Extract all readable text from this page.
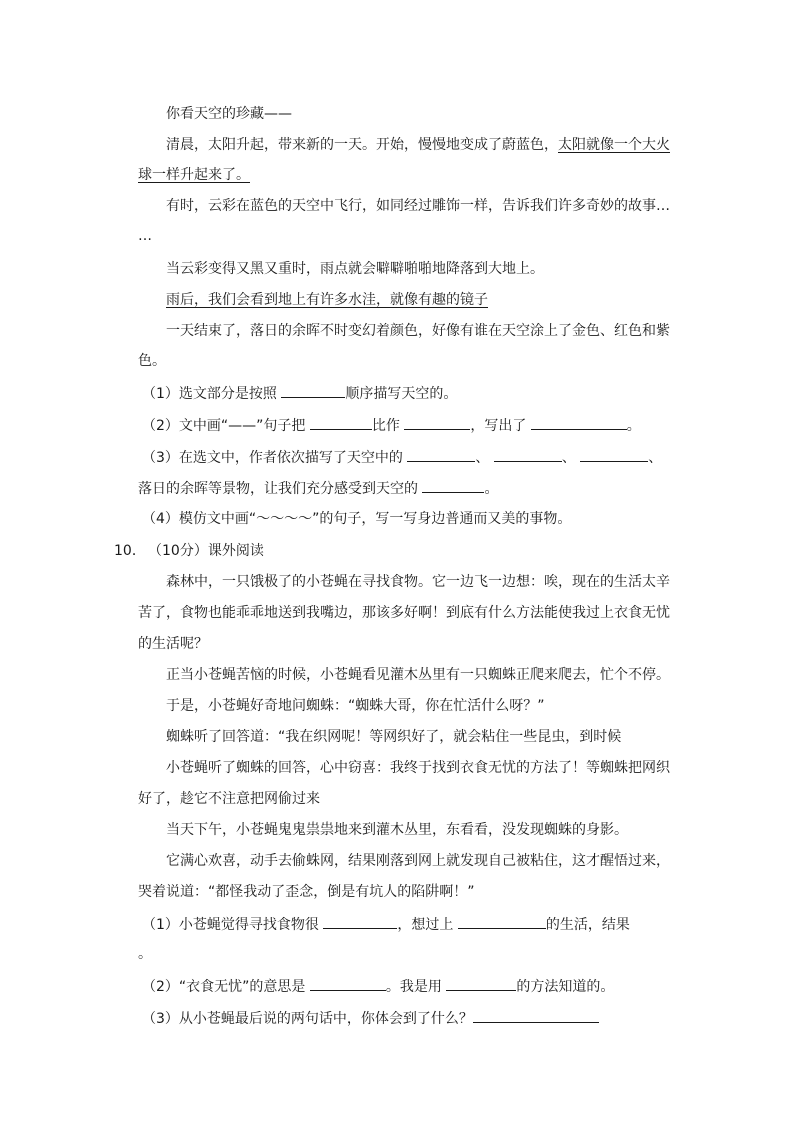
你看天空的珍藏——
清晨，太阳升起，带来新的一天。开始，慢慢地变成了蔚蓝色，太阳就像一个大火
球一样升起来了。
有时，云彩在蓝色的天空中飞行，如同经过雕饰一样，告诉我们许多奇妙的故事…
…
当云彩变得又黑又重时，雨点就会噼噼啪啪地降落到大地上。
雨后，我们会看到地上有许多水洼，就像有趣的镜子
一天结束了，落日的余晖不时变幻着颜色，好像有谁在天空涂上了金色、红色和紫
色。
（1）选文部分是按照	顺序描写天空的。
（2）文中画“——”句子把	比作	，写出了	。
（3）在选文中，作者依次描写了天空中的	、	、	、
落日的余晖等景物，让我们充分感受到天空的	。
（4）模仿文中画“～～～～”的句子，写一写身边普通而又美的事物。
10． （10分）课外阅读
森林中，一只饿极了的小苍蝇在寻找食物。它一边飞一边想：唉，现在的生活太辛
苦了，食物也能乖乖地送到我嘴边，那该多好啊！到底有什么方法能使我过上衣食无忧
的生活呢？
正当小苍蝇苦恼的时候，小苍蝇看见灌木丛里有一只蜘蛛正爬来爬去，忙个不停。
于是，小苍蝇好奇地问蜘蛛：“蜘蛛大哥，你在忙活什么呀？”
蜘蛛听了回答道：“我在织网呢！等网织好了，就会粘住一些昆虫，到时候
小苍蝇听了蜘蛛的回答，心中窃喜：我终于找到衣食无忧的方法了！等蜘蛛把网织
好了，趁它不注意把网偷过来
当天下午，小苍蝇鬼鬼祟祟地来到灌木丛里，东看看，没发现蜘蛛的身影。
它满心欢喜，动手去偷蛛网，结果刚落到网上就发现自己被粘住，这才醒悟过来，
哭着说道：“都怪我动了歪念，倒是有坑人的陷阱啊！”
（1）小苍蝇觉得寻找食物很	，想过上	的生活，结果
。
（2）“衣食无忧”的意思是	。我是用	的方法知道的。
（3）从小苍蝇最后说的两句话中，你体会到了什么？
